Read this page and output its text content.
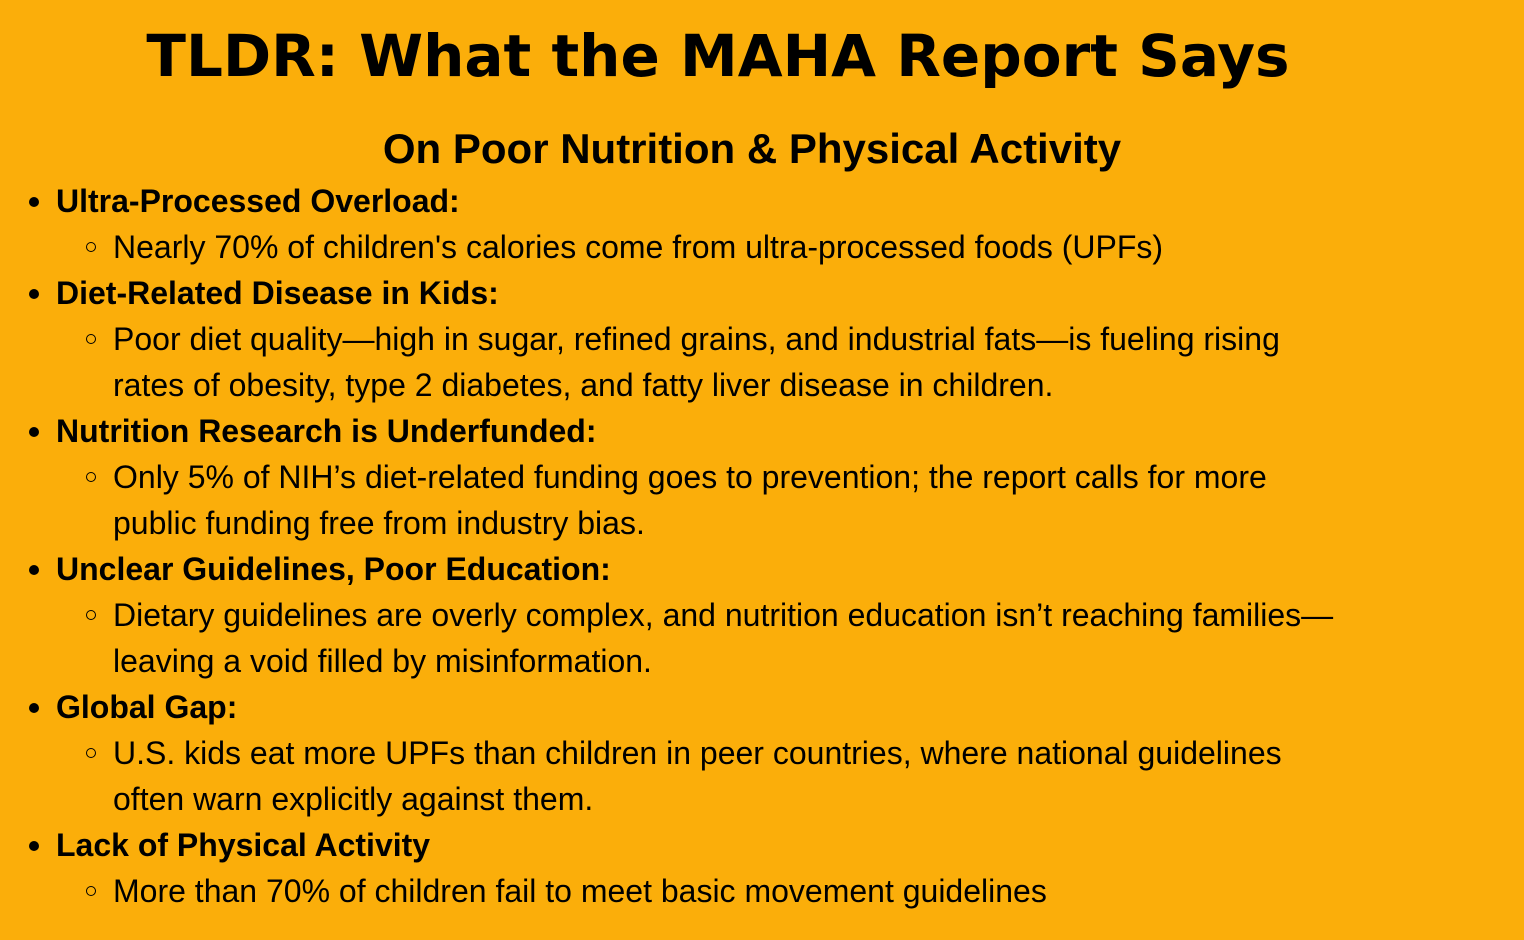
TLDR: What the MAHA Report Says
On Poor Nutrition & Physical Activity
Ultra-Processed Overload:
Nearly 70% of children's calories come from ultra-processed foods (UPFs)
Diet-Related Disease in Kids:
Poor diet quality—high in sugar, refined grains, and industrial fats—is fueling rising
rates of obesity, type 2 diabetes, and fatty liver disease in children.
Nutrition Research is Underfunded:
Only 5% of NIH’s diet-related funding goes to prevention; the report calls for more
public funding free from industry bias.
Unclear Guidelines, Poor Education:
Dietary guidelines are overly complex, and nutrition education isn’t reaching families—
leaving a void filled by misinformation.
Global Gap:
U.S. kids eat more UPFs than children in peer countries, where national guidelines
often warn explicitly against them.
Lack of Physical Activity
More than 70% of children fail to meet basic movement guidelines
